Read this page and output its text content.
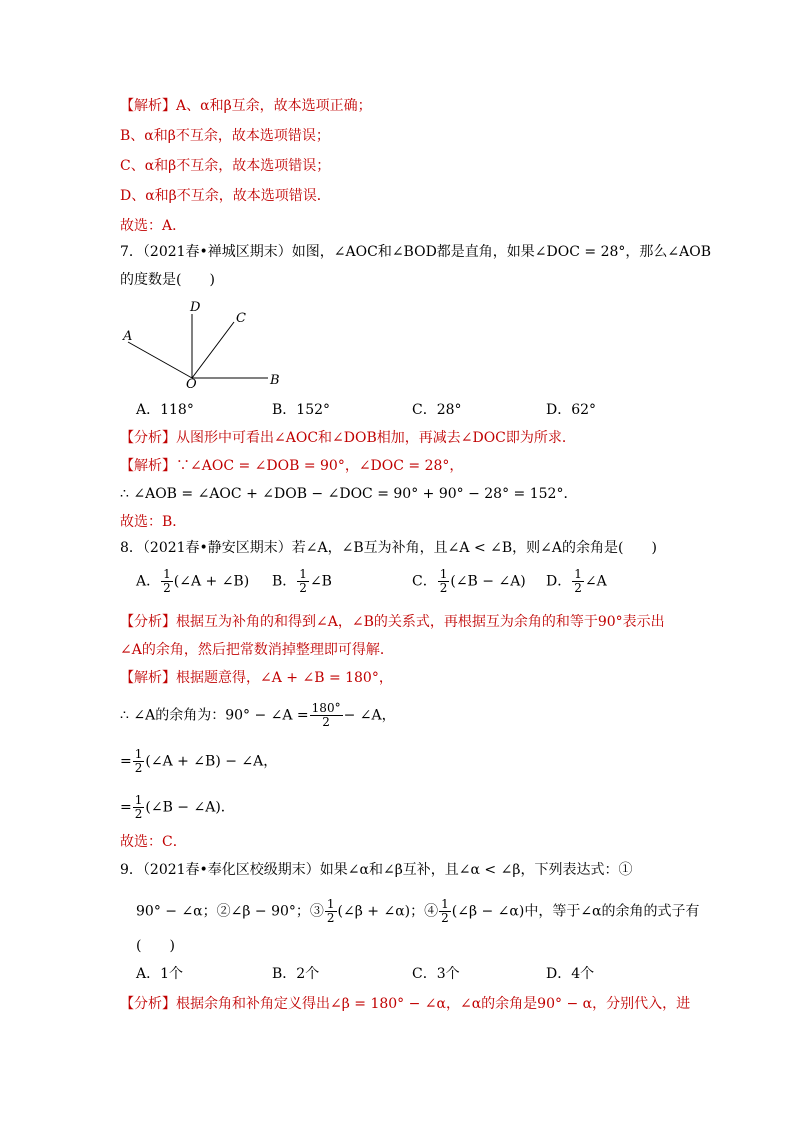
【解析】A、α和β互余，故本选项正确；
B、α和β不互余，故本选项错误；
C、α和β不互余，故本选项错误；
D、α和β不互余，故本选项错误．
故选：A．
7．（2021春•禅城区期末）如图，∠AOC和∠BOD都是直角，如果∠DOC = 28°，那么∠AOB
的度数是(　　)
A
D
C
B
O
A．118°	B．152°	C．28°	D．62°
【分析】从图形中可看出∠AOC和∠DOB相加，再减去∠DOC即为所求．
【解析】∵∠AOC = ∠DOB = 90°，∠DOC = 28°，
∴ ∠AOB = ∠AOC + ∠DOB − ∠DOC = 90° + 90° − 28° = 152°．
故选：B．
8．（2021春•静安区期末）若∠A，∠B互为补角，且∠A < ∠B，则∠A的余角是(　　)
A． $\frac{1}{2}$ (∠A + ∠B) B． $\frac{1}{2}$ ∠B	C． $\frac{1}{2}$ (∠B − ∠A) D． $\frac{1}{2}$ ∠A
【分析】根据互为补角的和得到∠A，∠B的关系式，再根据互为余角的和等于90°表示出
∠A的余角，然后把常数消掉整理即可得解．
【解析】根据题意得，∠A + ∠B = 180°，
∴ ∠A的余角为：90° − ∠A = $\frac{180^\circ}{2}$ − ∠A，
= $\frac{1}{2}$ (∠A + ∠B) − ∠A，
= $\frac{1}{2}$ (∠B − ∠A)．
故选：C．
9．（2021春•奉化区校级期末）如果∠α和∠β互补，且∠α < ∠β，下列表达式：①
90° − ∠α；②∠β − 90°；③ $\frac{1}{2}$ (∠β + ∠α)；④ $\frac{1}{2}$ (∠β − ∠α)中，等于∠α的余角的式子有
(　　)
A．1个	B．2个	C．3个	D．4个
【分析】根据余角和补角定义得出∠β = 180° − ∠α，∠α的余角是90° − α，分别代入，进
